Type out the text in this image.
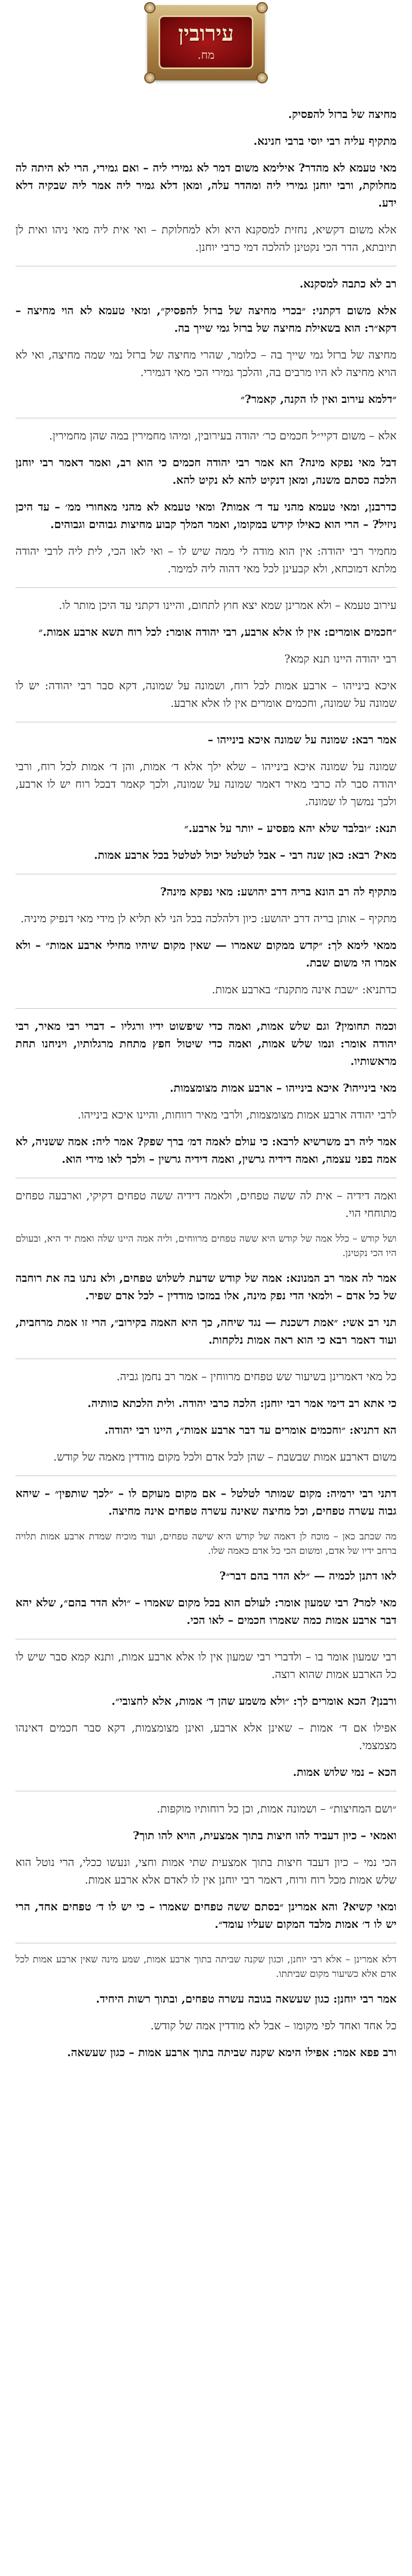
עירובין
מח.

מחיצה של ברזל להפסיק.

מתקיף עליה רבי יוסי ברבי חנינא.

מאי טעמא לא מהדר? אילימא משום דמר לא גמירי ליה – ואם גמירי, הרי לא היתה לה מחלוקת, ורבי יוחנן גמירי ליה ומהדר עלה, ומאן דלא גמיר ליה אמר ליה שבקיה דלא ידע.

אלא משום דקשיא, נחזית למסקנא היא ולא למחלוקת – ואי אית ליה מאי ניהו ואית לן תיובתא, הדר הכי נקטינן להלכה דמי כרבי יוחנן.

רב לא כתבה למסקנא.

אלא משום דקתני: ״בכרי מחיצה של ברזל להפסיק״, ומאי טעמא לא הוי מחיצה – דקא״ר: הוא בשאילת מחיצה של ברזל גמי שייך בה.

מחיצה של ברזל גמי שייך בה – כלומר, שהרי מחיצה של ברזל נמי שמה מחיצה, ואי לא הויא מחיצה לא היו מרבים בה, והלכך גמירי הכי מאי דגמירי.

״דלמא עירוב ואין לו הקנה, קאמר?״

אלא – משום דקיי״ל חכמים כר׳ יהודה בעירובין, ומיהו מחמירין במה שהן מחמירין.

דבל מאי נפקא מינה? הא אמר רבי יהודה חכמים כי הוא רב, ואמר דאמר רבי יוחנן הלכה כסתם משנה, ומאן דנקיט להא לא נקיט להא.

כדרבנן, ומאי טעמא מהני עד ד׳ אמות? ומאי טעמא לא מהני מאחורי ממ׳ – עד היכן ניזיל? – הרי הוא כאילו קידש במקומו, ואמר המלך קבוע מחיצות גבוהים וגבוהים.

מחמיר רבי יהודה: אין הוא מודה לי ממה שיש לו – ואי לאו הכי, לית ליה לרבי יהודה מלתא דמוכחא, ולא קבעינן לכל מאי דהוה ליה למימר.

עירוב טעמא – ולא אמרינן שמא יצא חוץ לתחום, והיינו דקתני עד היכן מותר לו.

״חכמים אומרים: אין לו אלא ארבע, רבי יהודה אומר: לכל רוח תשא ארבע אמות.״

רבי יהודה היינו תנא קמא?

איכא בינייהו – ארבע אמות לכל רוח, ושמונה על שמונה, דקא סבר רבי יהודה: יש לו שמונה על שמונה, וחכמים אומרים אין לו אלא ארבע.

אמר רבא: שמונה על שמונה איכא בינייהו –

שמונה על שמונה איכא בינייהו – שלא ילך אלא ד׳ אמות, והן ד׳ אמות לכל רוח, ורבי יהודה סבר לה כרבי מאיר דאמר שמונה על שמונה, ולכך קאמר דבכל רוח יש לו ארבע, ולכך נמשך לו שמונה.

תנא: ״ובלבד שלא יהא מפסיע – יותר על ארבע.״

מאי? רבא: כאן שנה רבי – אבל לטלטל יכול לטלטל בכל ארבע אמות.

מתקיף לה רב הונא בריה דרב יהושע: מאי נפקא מינה?

מתקיף – אותן בריה דרב יהושע: כיון דלהלכה בכל הני לא תליא לן מידי מאי דנפיק מיניה.

ממאי לימא לך: ״קדש ממקום שאמרו — שאין מקום שיהיו מחילי ארבע אמות״ – ולא אמרו הי משום שבת.

כדתניא: ״שבת אינה מתקנת״ בארבע אמות.

וכמה תחומין? וגם שלש אמות, ואמה כדי שיפשוט ידיו ורגליו – דברי רבי מאיר, רבי יהודה אומר: ונמו שלש אמות, ואמה כדי שיטול חפץ מתחת מרגלותיו, ויניחנו תחת מראשותיו.

מאי בינייהו? איכא בינייהו – ארבע אמות מצומצמות.

לרבי יהודה ארבע אמות מצומצמות, ולרבי מאיר רווחות, והיינו איכא בינייהו.

אמר ליה רב משרשיא לרבא: כי עולם לאמה דמ׳ ברך שפק? אמר ליה: אמה ששניה, לא אמה בפני עצמה, ואמה דידיה גרשין, ואמה דידיה גרשין – ולכך לאו מידי הוא.

ואמה דידיה – אית לה ששה טפחים, ולאמה דידיה ששה טפחים דקיקי, וארבעה טפחים מתוחחי הוי.

ושל קודש – כלל אמה של קודש היא ששה טפחים מרווחים, וליה אמה היינו שלה ואמת יד היא, ובעולם היו הכי נקטינן.

אמר לה אמר רב המנונא: אמה של קודש שדעת לשלוש טפחים, ולא נתנו בה את רוחבה של כל אדם – ולמאי הדי נפק מינה, אלו במזכו מודדין – לכל אדם שפיר.

תני רב אשי: ״אמת דשכנת — נגד שיחה, כך היא האמה בקירוב״, הרי זו אמת מרחבית, ועוד דאמר רבא כי הוא ראה אמות נלקחות.

כל מאי דאמרינן בשיעור שש טפחים מרווחין – אמר רב נחמן גביה.

כי אתא רב דימי אמר רבי יוחנן: הלכה כרבי יהודה. ולית הלכתא כוותיה.

הא דתניא: ״וחכמים אומרים עד דבר ארבע אמות״, היינו רבי יהודה.

משום דארבע אמות שבשבת – שהן לכל אדם ולכל מקום מודדין מאמה של קודש.

דתני רבי ירמיה: מקום שמותר לטלטל – אם מקום מעוקם לו – ״לכך שותפין״ – שיהא גבוה עשרה טפחים, וכל מחיצה שאינה עשרה טפחים אינה מחיצה.

מה שכתב כאן – מוכח לן דאמה של קודש היא שישה טפחים, ועוד מוכיח שמדת ארבע אמות תלויה ברחב ידיו של אדם, ומשום הכי כל אדם כאמה שלו.

לאו דתנן לכמיה — ״לא הדר בהם דבר״?

מאי למר? רבי שמעון אומר: לעולם הוא בכל מקום שאמרו – ״ולא הדר בהם״, שלא יהא דבר ארבע אמות כמה שאמרו חכמים – לאו הכי.

רבי שמעון אומר בו – ולדברי רבי שמעון אין לו אלא ארבע אמות, ותנא קמא סבר שיש לו כל הארבע אמות שהוא רוצה.

ורבנן? הכא אומרים לך: ״ולא משמע שהן ד׳ אמות, אלא לחצובי״.

אפילו אם ד׳ אמות – שאינן אלא ארבע, ואינן מצומצמות, דקא סבר חכמים דאינהו מצמצמי.

הכא – נמי שלוש אמות.

״ושם המחיצות״ – ושמונה אמות, וכן כל רוחותיו מוקפות.

ואמאי – כיון דעביד להו חיצות בתוך אמצעית, הויא להו תוך?

הכי נמי – כיון דעבד חיצות בתוך אמצעית שתי אמות וחצי, ונעשו ככלי, הרי נוטל הוא שלש אמות מכל רוח ורוח, דאמר רבי יוחנן אין לו לאדם אלא ארבע אמות.

ומאי קשיא? והא אמרינן ״בסתם ששה טפחים שאמרו – כי יש לו ד׳ טפחים אחד, הרי יש לו ד׳ אמות מלבד המקום שעליו עומד״.

דלא אמרינן – אלא רבי יוחנן, וכגון שקנה שביתה בתוך ארבע אמות, שמע מינה שאין ארבע אמות לכל אדם אלא כשיעור מקום שביתתו.

אמר רבי יוחנן: כגון שעשאה בגובה עשרה טפחים, ובתוך רשות היחיד.

כל אחד ואחד לפי מקומו – אבל לא מודדין אמה של קודש.

ורב פפא אמר: אפילו הימא שקנה שביתה בתוך ארבע אמות – כגון שעשאה.
